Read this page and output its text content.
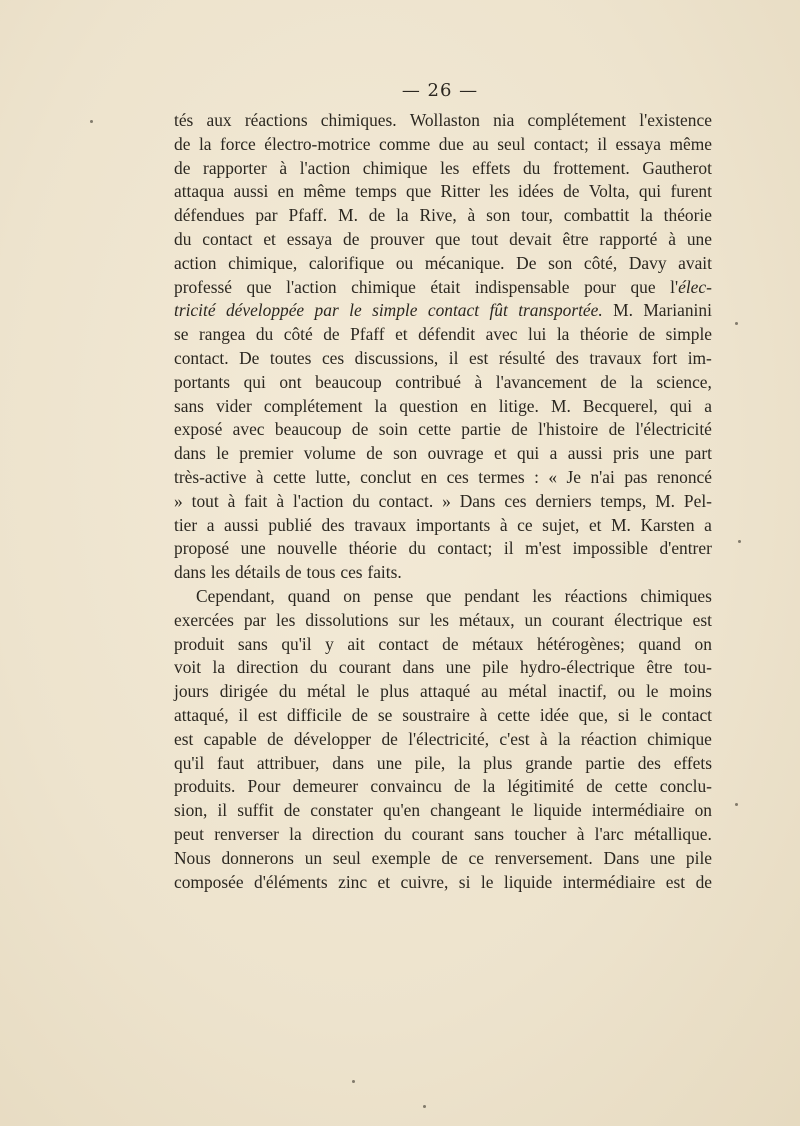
— 26 —
tés aux réactions chimiques. Wollaston nia complétement l'existence
de la force électro-motrice comme due au seul contact; il essaya même
de rapporter à l'action chimique les effets du frottement. Gautherot
attaqua aussi en même temps que Ritter les idées de Volta, qui furent
défendues par Pfaff. M. de la Rive, à son tour, combattit la théorie
du contact et essaya de prouver que tout devait être rapporté à une
action chimique, calorifique ou mécanique. De son côté, Davy avait
professé que l'action chimique était indispensable pour que l'élec-
tricité développée par le simple contact fût transportée. M. Marianini
se rangea du côté de Pfaff et défendit avec lui la théorie de simple
contact. De toutes ces discussions, il est résulté des travaux fort im-
portants qui ont beaucoup contribué à l'avancement de la science,
sans vider complétement la question en litige. M. Becquerel, qui a
exposé avec beaucoup de soin cette partie de l'histoire de l'électricité
dans le premier volume de son ouvrage et qui a aussi pris une part
très-active à cette lutte, conclut en ces termes : « Je n'ai pas renoncé
» tout à fait à l'action du contact. » Dans ces derniers temps, M. Pel-
tier a aussi publié des travaux importants à ce sujet, et M. Karsten a
proposé une nouvelle théorie du contact; il m'est impossible d'entrer
dans les détails de tous ces faits.
Cependant, quand on pense que pendant les réactions chimiques
exercées par les dissolutions sur les métaux, un courant électrique est
produit sans qu'il y ait contact de métaux hétérogènes; quand on
voit la direction du courant dans une pile hydro-électrique être tou-
jours dirigée du métal le plus attaqué au métal inactif, ou le moins
attaqué, il est difficile de se soustraire à cette idée que, si le contact
est capable de développer de l'électricité, c'est à la réaction chimique
qu'il faut attribuer, dans une pile, la plus grande partie des effets
produits. Pour demeurer convaincu de la légitimité de cette conclu-
sion, il suffit de constater qu'en changeant le liquide intermédiaire on
peut renverser la direction du courant sans toucher à l'arc métallique.
Nous donnerons un seul exemple de ce renversement. Dans une pile
composée d'éléments zinc et cuivre, si le liquide intermédiaire est de
